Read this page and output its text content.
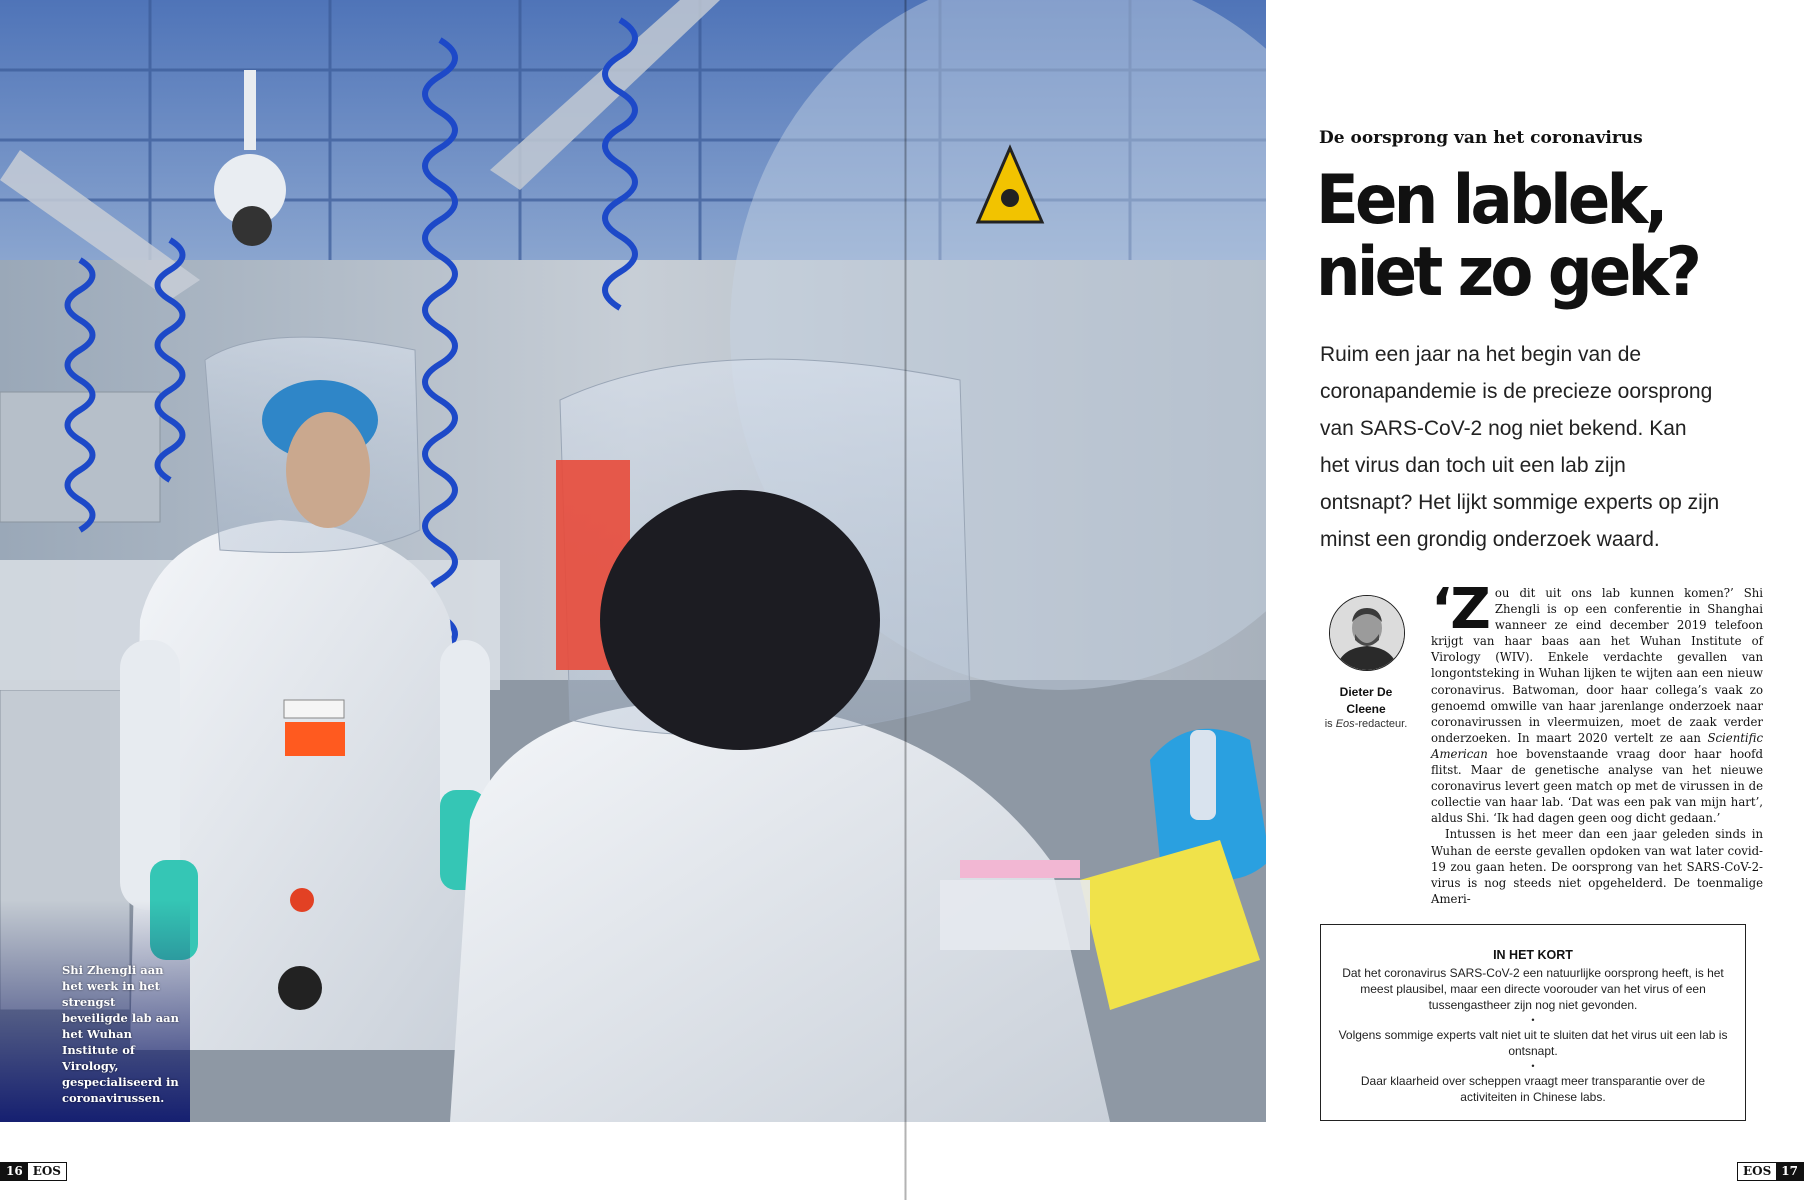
Shi Zhengli aan het werk in het strengst beveiligde lab aan het Wuhan Institute of Virology, gespecialiseerd in coronavirussen.
16 EOS	EOS 17
De oorsprong van het coronavirus
Een lablek, niet zo gek?

Ruim een jaar na het begin van de coronapandemie is de precieze oorsprong van SARS-CoV-2 nog niet bekend. Kan het virus dan toch uit een lab zijn ontsnapt? Het lijkt sommige experts op zijn minst een grondig onderzoek waard.

Dieter De Cleene
is Eos-redacteur.

‘Zou dit uit ons lab kunnen komen?’ Shi Zhengli is op een conferentie in Shanghai wanneer ze eind december 2019 telefoon krijgt van haar baas aan het Wuhan Institute of Virology (WIV). Enkele verdachte gevallen van longontsteking in Wuhan lijken te wijten aan een nieuw coronavirus. Batwoman, door haar collega’s vaak zo genoemd omwille van haar jarenlange onderzoek naar coronavirussen in vleermuizen, moet de zaak verder onderzoeken. In maart 2020 vertelt ze aan Scientific American hoe bovenstaande vraag door haar hoofd flitst. Maar de genetische analyse van het nieuwe coronavirus levert geen match op met de virussen in de collectie van haar lab. ‘Dat was een pak van mijn hart’, aldus Shi. ‘Ik had dagen geen oog dicht gedaan.’

Intussen is het meer dan een jaar geleden sinds in Wuhan de eerste gevallen opdoken van wat later covid-19 zou gaan heten. De oorsprong van het SARS-CoV-2-virus is nog steeds niet opgehelderd. De toenmalige Ameri-

IN HET KORT
Dat het coronavirus SARS-CoV-2 een natuurlijke oorsprong heeft, is het meest plausibel, maar een directe voorouder van het virus of een tussengastheer zijn nog niet gevonden.
•
Volgens sommige experts valt niet uit te sluiten dat het virus uit een lab is ontsnapt.
•
Daar klaarheid over scheppen vraagt meer transparantie over de activiteiten in Chinese labs.
